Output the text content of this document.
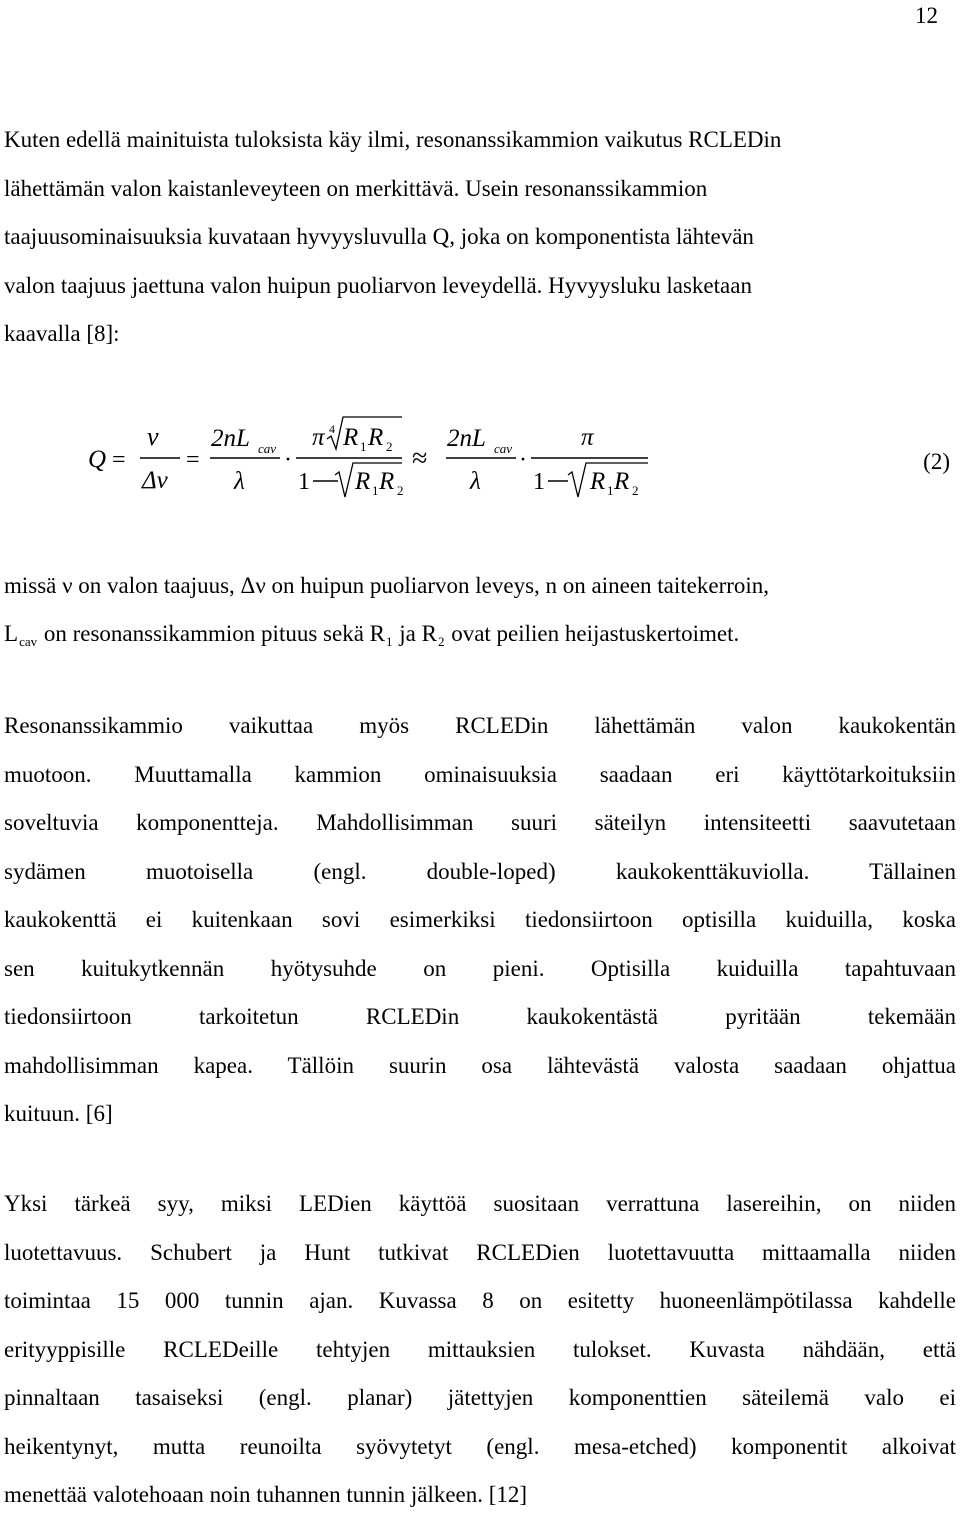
12

Kuten edellä mainituista tuloksista käy ilmi, resonanssikammion vaikutus RCLEDin
lähettämän valon kaistanleveyteen on merkittävä. Usein resonanssikammion
taajuusominaisuuksia kuvataan hyvyysluvulla Q, joka on komponentista lähtevän
valon taajuus jaettuna valon huipun puoliarvon leveydellä. Hyvyysluku lasketaan
kaavalla [8]:

Q =
ν
Δν
=
2nL cav
λ
·
π 4 R 1 R 2
1 R 1 R 2
≈
2nL cav
λ
·
π
1 R 1 R 2
(2)

missä ν on valon taajuus, Δν on huipun puoliarvon leveys, n on aineen taitekerroin,
$L_{cav}$ on resonanssikammion pituus sekä $R_1$ ja $R_2$ ovat peilien heijastuskertoimet.

Resonanssikammio vaikuttaa myös RCLEDin lähettämän valon kaukokentän
muotoon. Muuttamalla kammion ominaisuuksia saadaan eri käyttötarkoituksiin
soveltuvia komponentteja. Mahdollisimman suuri säteilyn intensiteetti saavutetaan
sydämen muotoisella (engl. double-loped) kaukokenttäkuviolla. Tällainen
kaukokenttä ei kuitenkaan sovi esimerkiksi tiedonsiirtoon optisilla kuiduilla, koska
sen kuitukytkennän hyötysuhde on pieni. Optisilla kuiduilla tapahtuvaan
tiedonsiirtoon tarkoitetun RCLEDin kaukokentästä pyritään tekemään
mahdollisimman kapea. Tällöin suurin osa lähtevästä valosta saadaan ohjattua
kuituun. [6]

Yksi tärkeä syy, miksi LEDien käyttöä suositaan verrattuna lasereihin, on niiden
luotettavuus. Schubert ja Hunt tutkivat RCLEDien luotettavuutta mittaamalla niiden
toimintaa 15 000 tunnin ajan. Kuvassa 8 on esitetty huoneenlämpötilassa kahdelle
erityyppisille RCLEDeille tehtyjen mittauksien tulokset. Kuvasta nähdään, että
pinnaltaan tasaiseksi (engl. planar) jätettyjen komponenttien säteilemä valo ei
heikentynyt, mutta reunoilta syövytetyt (engl. mesa-etched) komponentit alkoivat
menettää valotehoaan noin tuhannen tunnin jälkeen. [12]
